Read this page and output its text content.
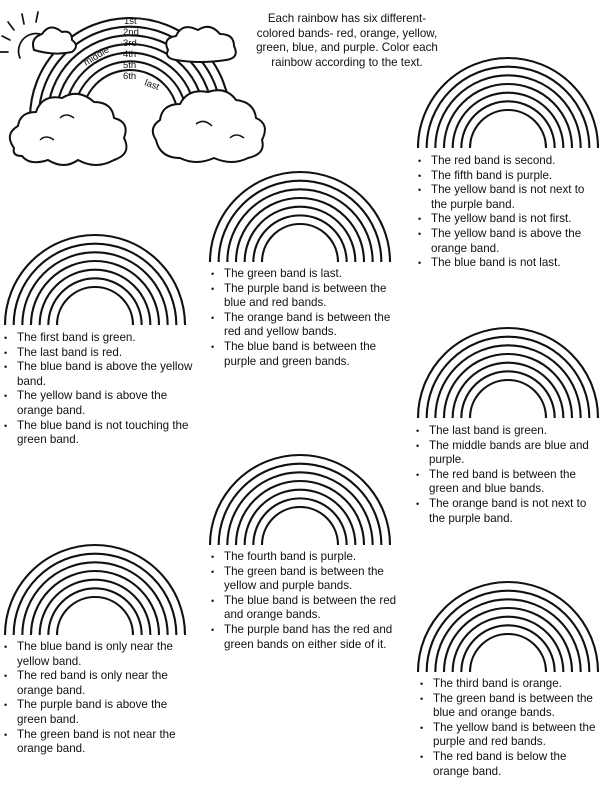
1st
2nd
3rd
4th
5th
6th
middle
last
Each rainbow has six different-colored bands- red, orange, yellow, green, blue, and purple. Color each rainbow according to the text.
• The red band is second.
• The fifth band is purple.
• The yellow band is not next to the purple band.
• The yellow band is not first.
• The yellow band is above the orange band.
• The blue band is not last.
• The green band is last.
• The purple band is between the blue and red bands.
• The orange band is between the red and yellow bands.
• The blue band is between the purple and green bands.
• The first band is green.
• The last band is red.
• The blue band is above the yellow band.
• The yellow band is above the orange band.
• The blue band is not touching the green band.
• The last band is green.
• The middle bands are blue and purple.
• The red band is between the green and blue bands.
• The orange band is not next to the purple band.
• The fourth band is purple.
• The green band is between the yellow and purple bands.
• The blue band is between the red and orange bands.
• The purple band has the red and green bands on either side of it.
• The blue band is only near the yellow band.
• The red band is only near the orange band.
• The purple band is above the green band.
• The green band is not near the orange band.
• The third band is orange.
• The green band is between the blue and orange bands.
• The yellow band is between the purple and red bands.
• The red band is below the orange band.
